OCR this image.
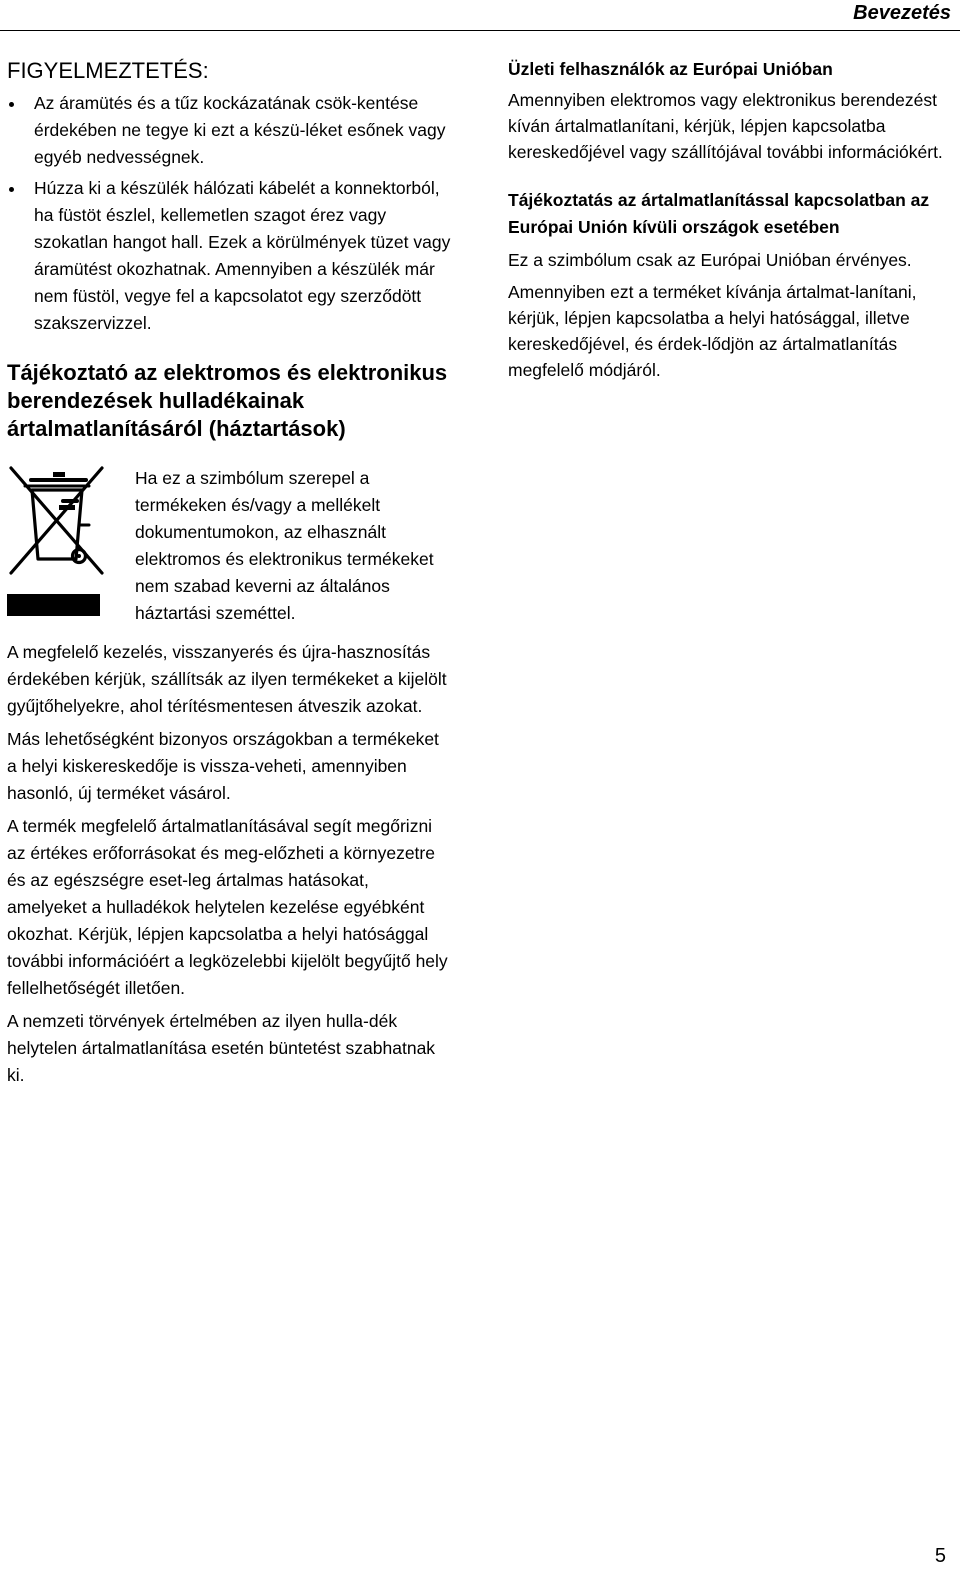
Bevezetés
FIGYELMEZTETÉS:
Az áramütés és a tűz kockázatának csök-kentése érdekében ne tegye ki ezt a készü-léket esőnek vagy egyéb nedvességnek.
Húzza ki a készülék hálózati kábelét a konnektorból, ha füstöt észlel, kellemetlen szagot érez vagy szokatlan hangot hall. Ezek a körülmények tüzet vagy áramütést okozhatnak. Amennyiben a készülék már nem füstöl, vegye fel a kapcsolatot egy szerződött szakszervizzel.
Tájékoztató az elektromos és elektronikus berendezések hulladékainak ártalmatlanításáról (háztartások)

Ha ez a szimbólum szerepel a termékeken és/vagy a mellékelt dokumentumokon, az elhasznált elektromos és elektronikus termékeket nem szabad keverni az általános háztartási szeméttel.

A megfelelő kezelés, visszanyerés és újra-hasznosítás érdekében kérjük, szállítsák az ilyen termékeket a kijelölt gyűjtőhelyekre, ahol térítésmentesen átveszik azokat.

Más lehetőségként bizonyos országokban a termékeket a helyi kiskereskedője is vissza-veheti, amennyiben hasonló, új terméket vásárol.

A termék megfelelő ártalmatlanításával segít megőrizni az értékes erőforrásokat és meg-előzheti a környezetre és az egészségre eset-leg ártalmas hatásokat, amelyeket a hulladékok helytelen kezelése egyébként okozhat. Kérjük, lépjen kapcsolatba a helyi hatósággal további információért a legközelebbi kijelölt begyűjtő hely fellelhetőségét illetően.

A nemzeti törvények értelmében az ilyen hulla-dék helytelen ártalmatlanítása esetén büntetést szabhatnak ki.

Üzleti felhasználók az Európai Unióban

Amennyiben elektromos vagy elektronikus berendezést kíván ártalmatlanítani, kérjük, lépjen kapcsolatba kereskedőjével vagy szállítójával további információkért.

Tájékoztatás az ártalmatlanítással kapcsolatban az Európai Unión kívüli országok esetében

Ez a szimbólum csak az Európai Unióban érvényes.

Amennyiben ezt a terméket kívánja ártalmat-lanítani, kérjük, lépjen kapcsolatba a helyi hatósággal, illetve kereskedőjével, és érdek-lődjön az ártalmatlanítás megfelelő módjáról.

5
